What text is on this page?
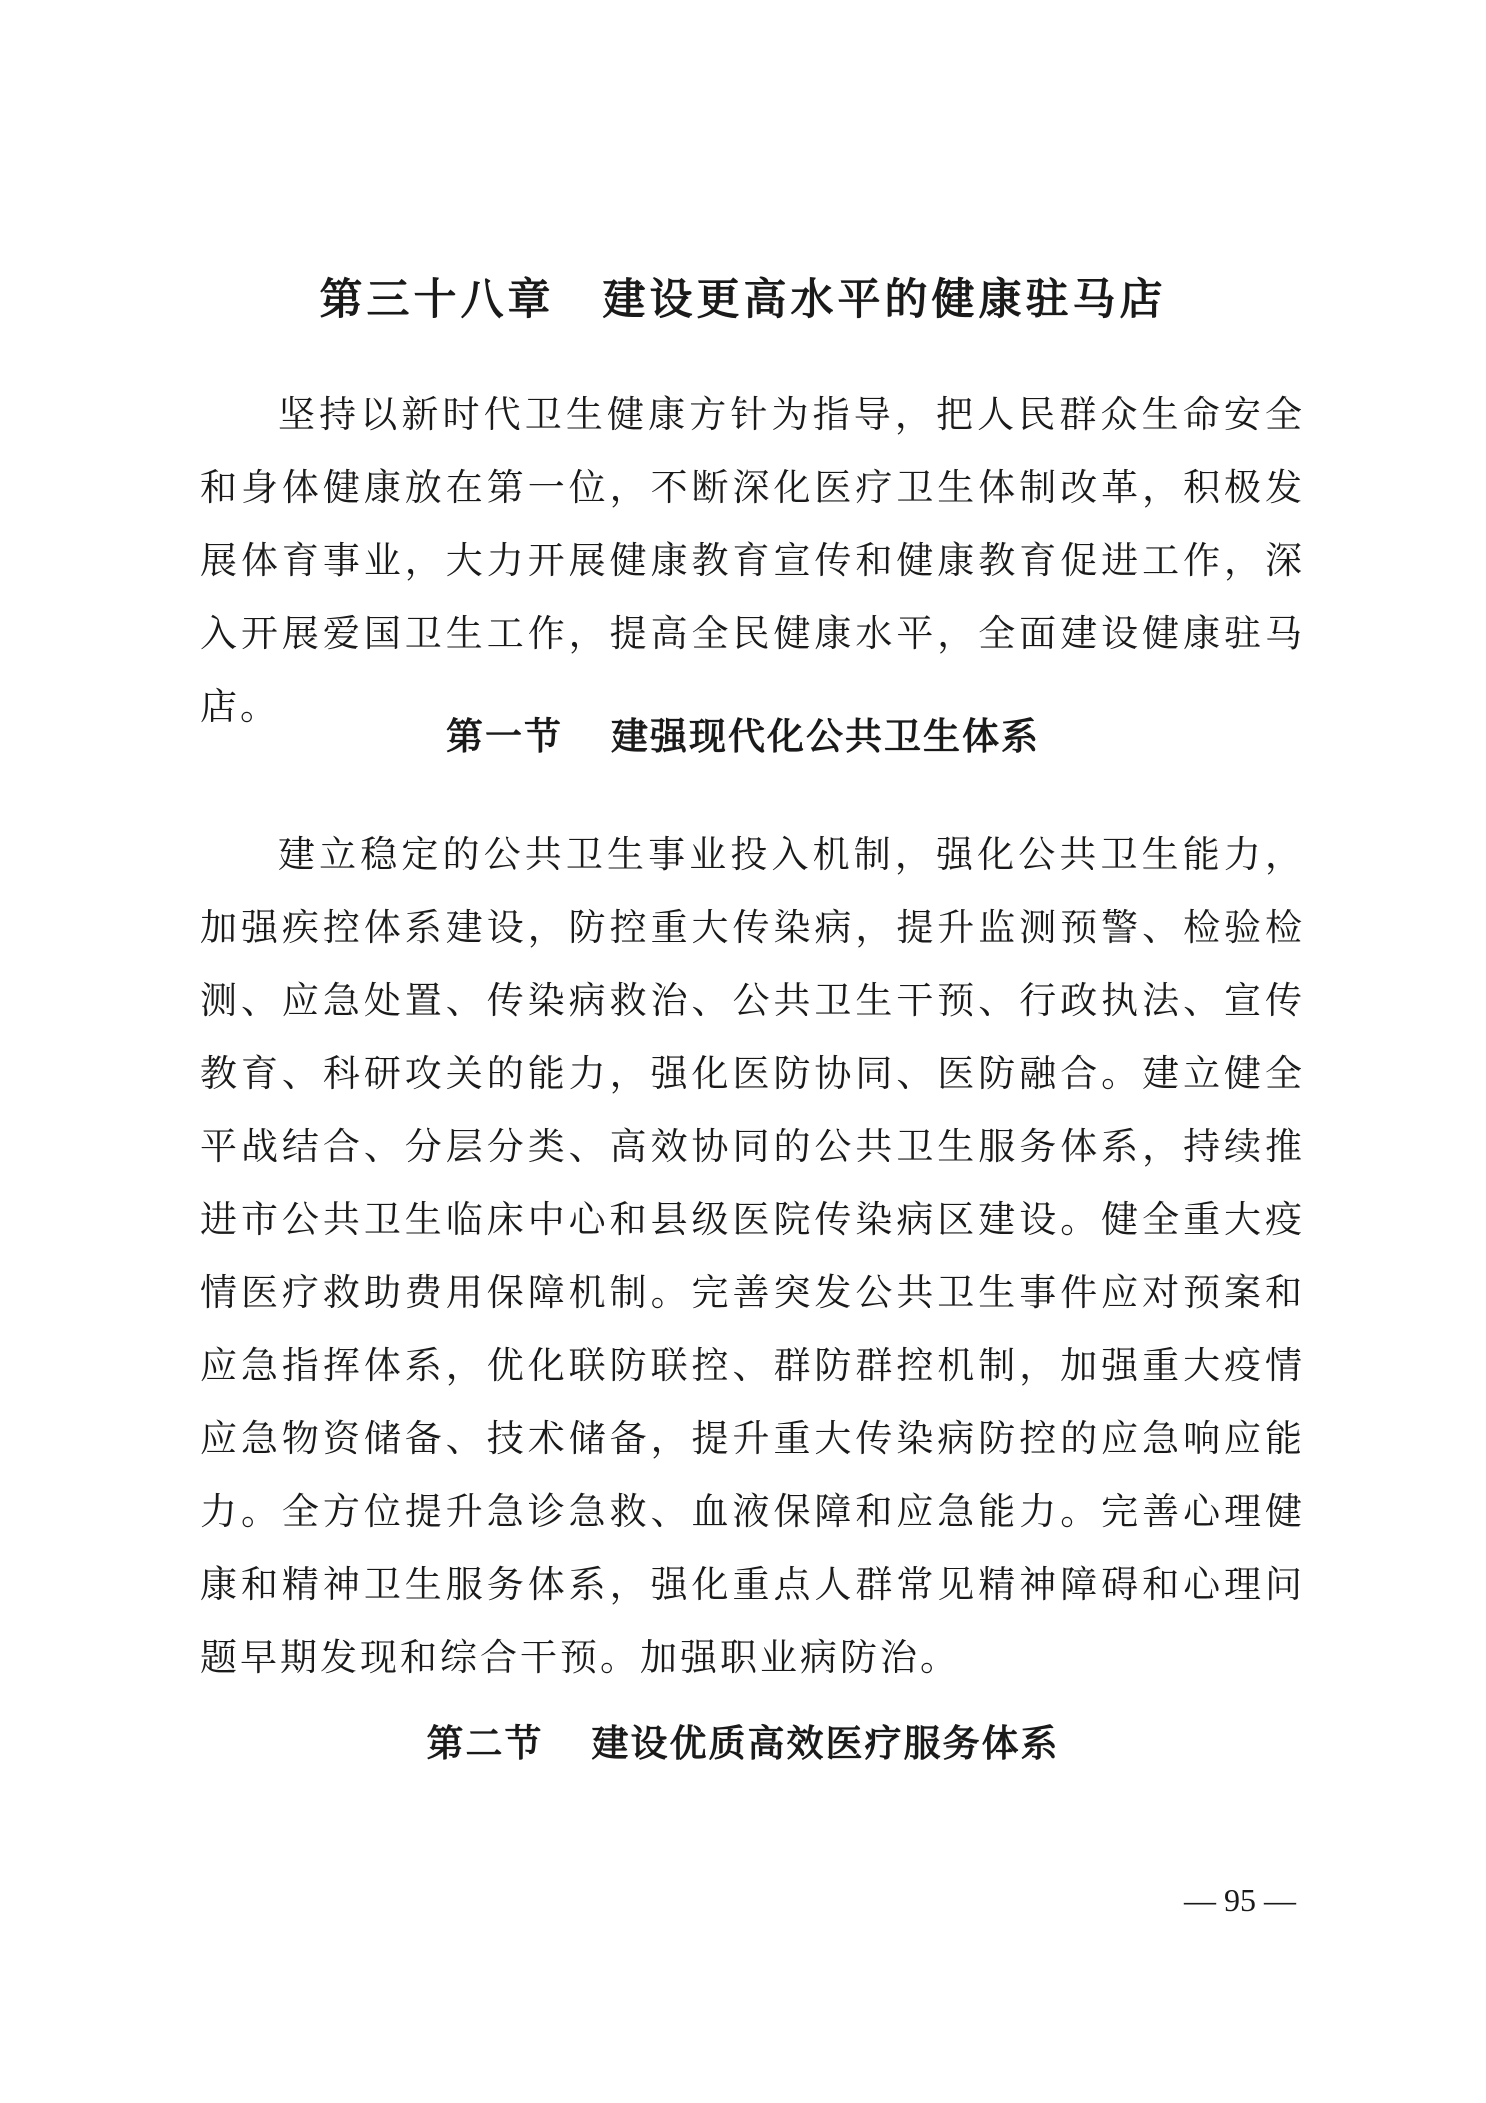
第三十八章 建设更高水平的健康驻马店

坚持以新时代卫生健康方针为指导，把人民群众生命安全和身体健康放在第一位，不断深化医疗卫生体制改革，积极发展体育事业，大力开展健康教育宣传和健康教育促进工作，深入开展爱国卫生工作，提高全民健康水平，全面建设健康驻马店。

第一节 建强现代化公共卫生体系

建立稳定的公共卫生事业投入机制，强化公共卫生能力，加强疾控体系建设，防控重大传染病，提升监测预警、检验检测、应急处置、传染病救治、公共卫生干预、行政执法、宣传教育、科研攻关的能力，强化医防协同、医防融合。建立健全平战结合、分层分类、高效协同的公共卫生服务体系，持续推进市公共卫生临床中心和县级医院传染病区建设。健全重大疫情医疗救助费用保障机制。完善突发公共卫生事件应对预案和应急指挥体系，优化联防联控、群防群控机制，加强重大疫情应急物资储备、技术储备，提升重大传染病防控的应急响应能力。全方位提升急诊急救、血液保障和应急能力。完善心理健康和精神卫生服务体系，强化重点人群常见精神障碍和心理问题早期发现和综合干预。加强职业病防治。

第二节 建设优质高效医疗服务体系
— 95 —
